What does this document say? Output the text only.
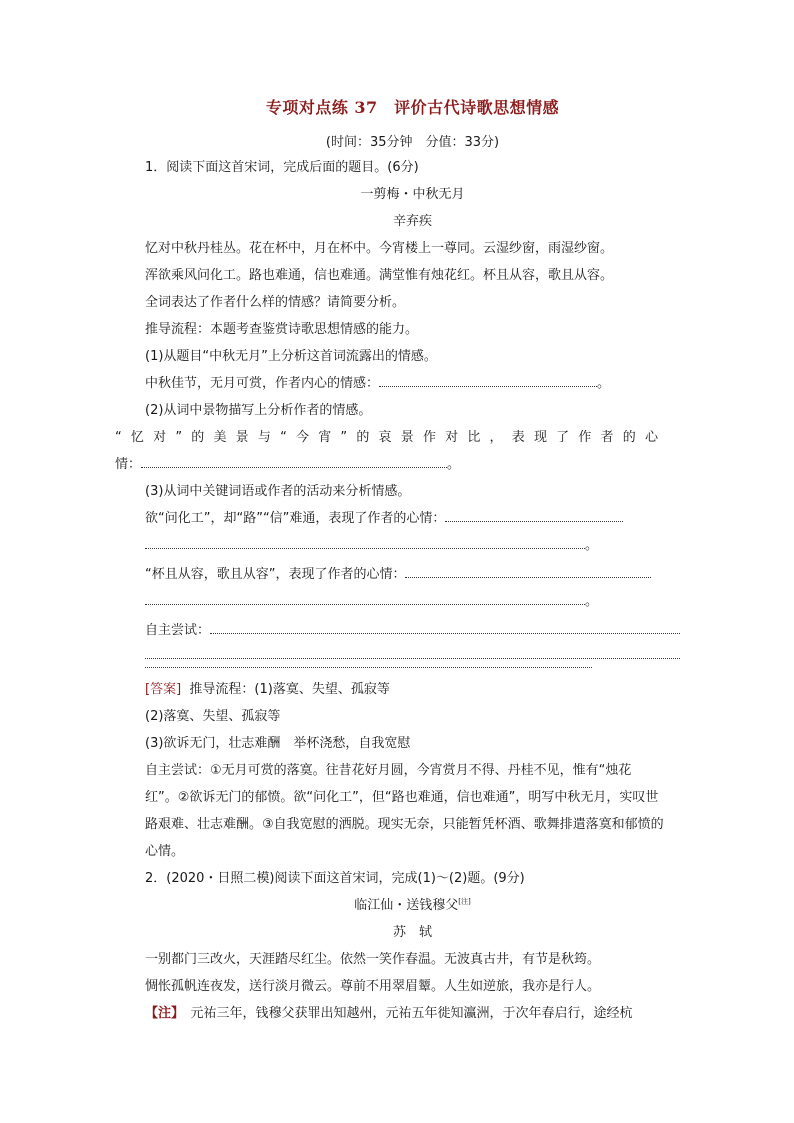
专项对点练 37　评价古代诗歌思想情感
(时间：35分钟　分值：33分)
1．阅读下面这首宋词，完成后面的题目。(6分)
一剪梅・中秋无月
辛弃疾
忆对中秋丹桂丛。花在杯中，月在杯中。今宵楼上一尊同。云湿纱窗，雨湿纱窗。
浑欲乘风问化工。路也难通，信也难通。满堂惟有烛花红。杯且从容，歌且从容。
全词表达了作者什么样的情感？请简要分析。
推导流程：本题考查鉴赏诗歌思想情感的能力。
(1)从题目“中秋无月”上分析这首词流露出的情感。
中秋佳节，无月可赏，作者内心的情感：	。
(2)从词中景物描写上分析作者的情感。
“忆对”的美景与“今宵”的哀景作对比，表现了作者的心
情：	。
(3)从词中关键词语或作者的活动来分析情感。
欲“问化工”，却“路”“信”难通，表现了作者的心情：
。
“杯且从容，歌且从容”，表现了作者的心情：
。
自主尝试：
[答案] 推导流程：(1)落寞、失望、孤寂等
(2)落寞、失望、孤寂等
(3)欲诉无门，壮志难酬　举杯浇愁，自我宽慰
自主尝试：①无月可赏的落寞。往昔花好月圆，今宵赏月不得、丹桂不见，惟有“烛花
红”。②欲诉无门的郁愤。欲“问化工”，但“路也难通，信也难通”，明写中秋无月，实叹世
路艰难、壮志难酬。③自我宽慰的洒脱。现实无奈，只能暂凭杯酒、歌舞排遣落寞和郁愤的
心情。
2．(2020・日照二模)阅读下面这首宋词，完成(1)～(2)题。(9分)
临江仙・送钱穆父[注]
苏　轼
一别都门三改火，天涯踏尽红尘。依然一笑作春温。无波真古井，有节是秋筠。
惆怅孤帆连夜发，送行淡月微云。尊前不用翠眉颦。人生如逆旅，我亦是行人。
【注】　元祐三年，钱穆父获罪出知越州，元祐五年徙知瀛洲，于次年春启行，途经杭
